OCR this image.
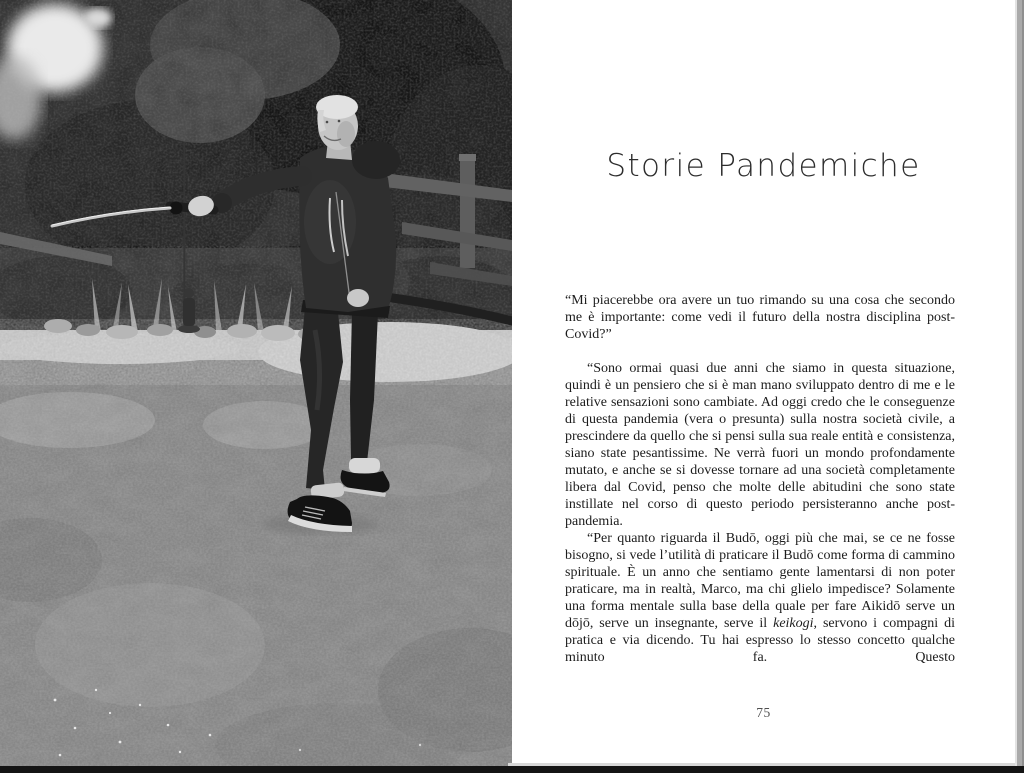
Storie Pandemiche

“Mi piacerebbe ora avere un tuo rimando su una cosa che secondo me è importante: come vedi il futuro della nostra disciplina post-Covid?”

“Sono ormai quasi due anni che siamo in questa situazione, quindi è un pensiero che si è man mano sviluppato dentro di me e le relative sensazioni sono cambiate. Ad oggi credo che le conseguenze di questa pandemia (vera o presunta) sulla nostra società civile, a prescindere da quello che si pensi sulla sua reale entità e consistenza, siano state pesantissime. Ne verrà fuori un mondo profondamente mutato, e anche se si dovesse tornare ad una società completamente libera dal Covid, penso che molte delle abitudini che sono state instillate nel corso di questo periodo persisteranno anche post-pandemia.

“Per quanto riguarda il Budō, oggi più che mai, se ce ne fosse bisogno, si vede l’utilità di praticare il Budō come forma di cammino spirituale. È un anno che sentiamo gente lamentarsi di non poter praticare, ma in realtà, Marco, ma chi glielo impedisce? Solamente una forma mentale sulla base della quale per fare Aikidō serve un dōjō, serve un insegnante, serve il keikogi, servono i compagni di pratica e via dicendo. Tu hai espresso lo stesso concetto qualche minuto fa. Questo

75
